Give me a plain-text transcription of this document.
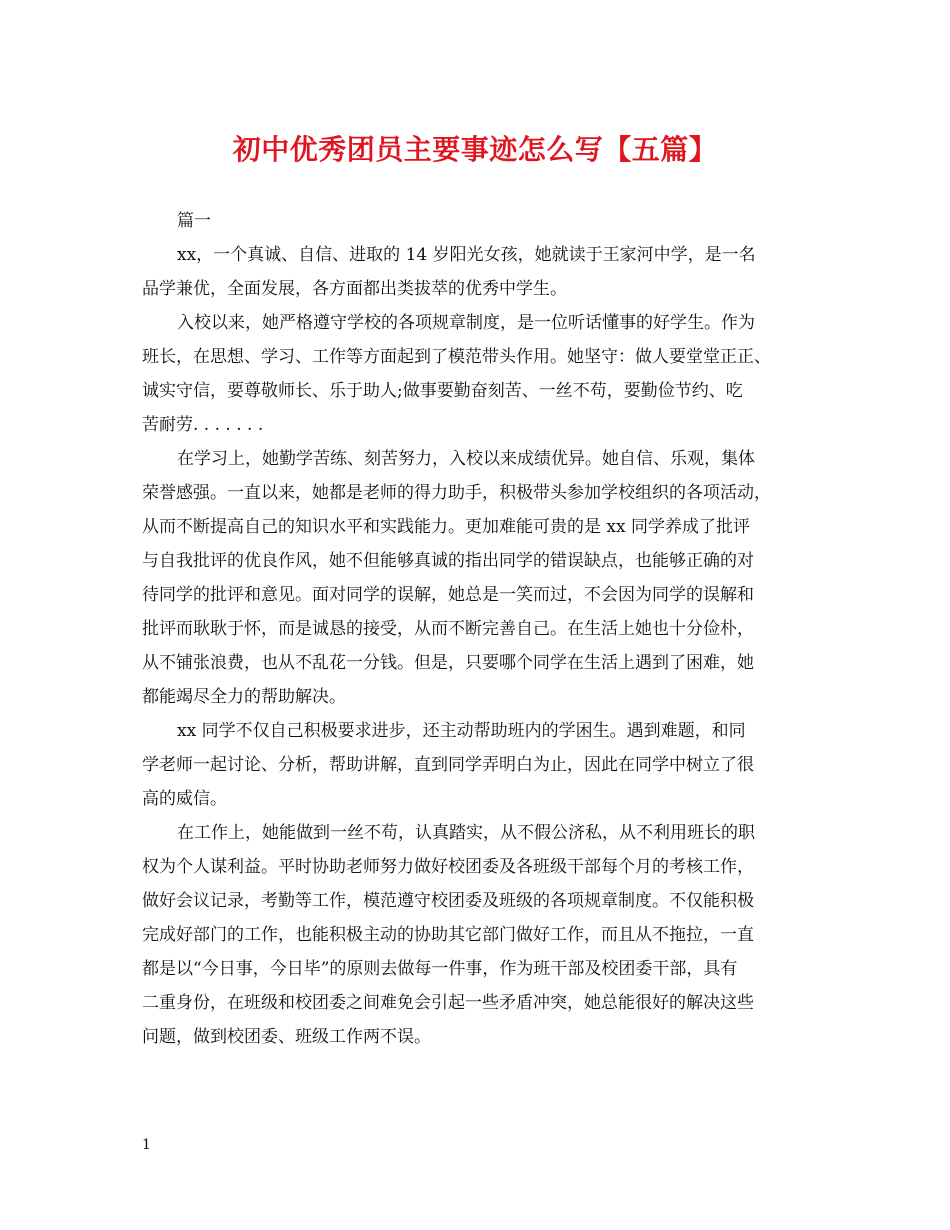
初中优秀团员主要事迹怎么写【五篇】
篇一
xx，一个真诚、自信、进取的 14 岁阳光女孩，她就读于王家河中学，是一名
品学兼优，全面发展，各方面都出类拔萃的优秀中学生。
入校以来，她严格遵守学校的各项规章制度，是一位听话懂事的好学生。作为
班长，在思想、学习、工作等方面起到了模范带头作用。她坚守：做人要堂堂正正、
诚实守信，要尊敬师长、乐于助人;做事要勤奋刻苦、一丝不苟，要勤俭节约、吃
苦耐劳. . . . . . .
在学习上，她勤学苦练、刻苦努力，入校以来成绩优异。她自信、乐观，集体
荣誉感强。一直以来，她都是老师的得力助手，积极带头参加学校组织的各项活动，
从而不断提高自己的知识水平和实践能力。更加难能可贵的是 xx 同学养成了批评
与自我批评的优良作风，她不但能够真诚的指出同学的错误缺点，也能够正确的对
待同学的批评和意见。面对同学的误解，她总是一笑而过，不会因为同学的误解和
批评而耿耿于怀，而是诚恳的接受，从而不断完善自己。在生活上她也十分俭朴，
从不铺张浪费，也从不乱花一分钱。但是，只要哪个同学在生活上遇到了困难，她
都能竭尽全力的帮助解决。
xx 同学不仅自己积极要求进步，还主动帮助班内的学困生。遇到难题，和同
学老师一起讨论、分析，帮助讲解，直到同学弄明白为止，因此在同学中树立了很
高的威信。
在工作上，她能做到一丝不苟，认真踏实，从不假公济私，从不利用班长的职
权为个人谋利益。平时协助老师努力做好校团委及各班级干部每个月的考核工作，
做好会议记录，考勤等工作，模范遵守校团委及班级的各项规章制度。不仅能积极
完成好部门的工作，也能积极主动的协助其它部门做好工作，而且从不拖拉，一直
都是以“今日事，今日毕”的原则去做每一件事，作为班干部及校团委干部，具有
二重身份，在班级和校团委之间难免会引起一些矛盾冲突，她总能很好的解决这些
问题，做到校团委、班级工作两不误。
1
